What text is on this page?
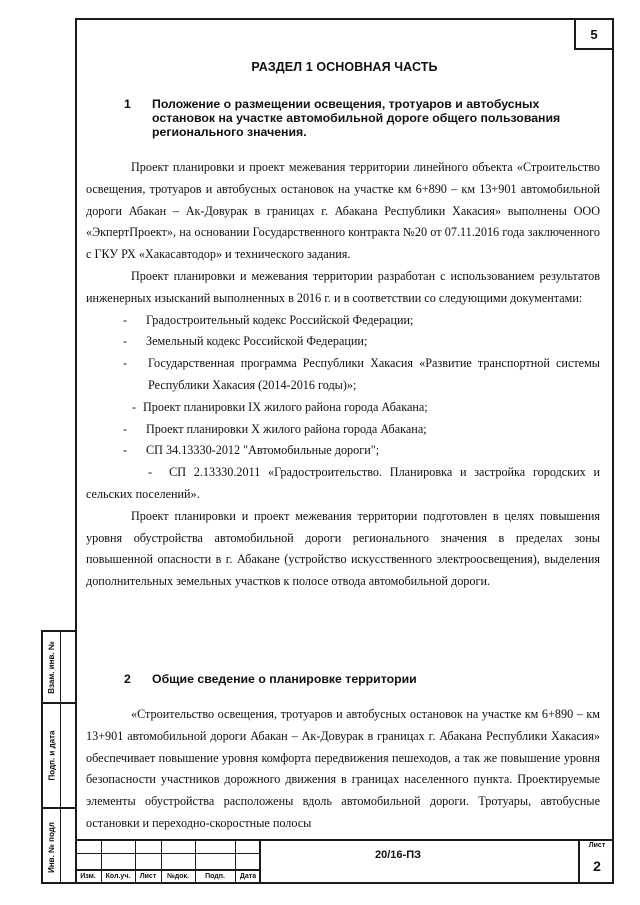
5
РАЗДЕЛ 1 ОСНОВНАЯ ЧАСТЬ
1 Положение о размещении освещения, тротуаров и автобусных остановок на участке автомобильной дороге общего пользования регионального значения.

Проект планировки и проект межевания территории линейного объекта «Строительство освещения, тротуаров и автобусных остановок на участке км 6+890 – км 13+901 автомобильной дороги Абакан – Ак-Довурак в границах г. Абакана Республики Хакасия» выполнены ООО «ЭкпертПроект», на основании Государственного контракта №20 от 07.11.2016 года заключенного с ГКУ РХ «Хакасавтодор» и технического задания.

Проект планировки и межевания территории разработан с использованием результатов инженерных изысканий выполненных в 2016 г. и в соответствии со следующими документами:

- Градостроительный кодекс Российской Федерации;
- Земельный кодекс Российской Федерации;
- Государственная программа Республики Хакасия «Развитие транспортной системы Республики Хакасия (2014-2016 годы)»;
- Проект планировки IX жилого района города Абакана;
- Проект планировки X жилого района города Абакана;
- СП 34.13330-2012 "Автомобильные дороги";
- СП 2.13330.2011 «Градостроительство. Планировка и застройка городских и сельских поселений».

Проект планировки и проект межевания территории подготовлен в целях повышения уровня обустройства автомобильной дороги регионального значения в пределах зоны повышенной опасности в г. Абакане (устройство искусственного электроосвещения), выделения дополнительных земельных участков к полосе отвода автомобильной дороги.

2 Общие сведение о планировке территории

«Строительство освещения, тротуаров и автобусных остановок на участке км 6+890 – км 13+901 автомобильной дороги Абакан – Ак-Довурак в границах г. Абакана Республики Хакасия» обеспечивает повышение уровня комфорта передвижения пешеходов, а так же повышение уровня безопасности участников дорожного движения в границах населенного пункта. Проектируемые элементы обустройства расположены вдоль автомобильной дороги. Тротуары, автобусные остановки и переходно-скоростные полосы

Изм.	Кол.уч.	Лист	№док.	Подп.	Дата
20/16-ПЗ
Лист
2
Взам. инв. №
Подп. и дата
Инв. № подл
